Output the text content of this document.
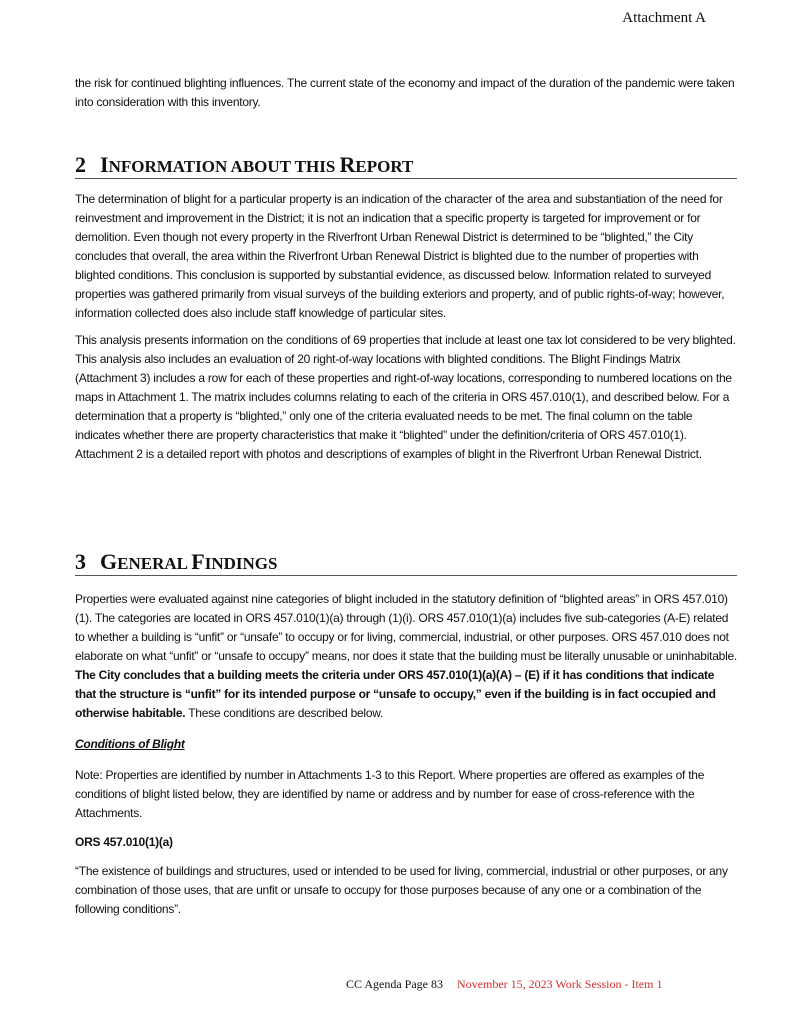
Attachment A

the risk for continued blighting influences. The current state of the economy and impact of the duration of the pandemic were taken into consideration with this inventory.

2 INFORMATION ABOUT THIS REPORT

The determination of blight for a particular property is an indication of the character of the area and substantiation of the need for reinvestment and improvement in the District; it is not an indication that a specific property is targeted for improvement or for demolition. Even though not every property in the Riverfront Urban Renewal District is determined to be “blighted,” the City concludes that overall, the area within the Riverfront Urban Renewal District is blighted due to the number of properties with blighted conditions. This conclusion is supported by substantial evidence, as discussed below. Information related to surveyed properties was gathered primarily from visual surveys of the building exteriors and property, and of public rights-of-way; however, information collected does also include staff knowledge of particular sites.

This analysis presents information on the conditions of 69 properties that include at least one tax lot considered to be very blighted. This analysis also includes an evaluation of 20 right-of-way locations with blighted conditions. The Blight Findings Matrix (Attachment 3) includes a row for each of these properties and right-of-way locations, corresponding to numbered locations on the maps in Attachment 1. The matrix includes columns relating to each of the criteria in ORS 457.010(1), and described below. For a determination that a property is “blighted,” only one of the criteria evaluated needs to be met. The final column on the table indicates whether there are property characteristics that make it “blighted” under the definition/criteria of ORS 457.010(1). Attachment 2 is a detailed report with photos and descriptions of examples of blight in the Riverfront Urban Renewal District.

3 GENERAL FINDINGS

Properties were evaluated against nine categories of blight included in the statutory definition of “blighted areas” in ORS 457.010)(1). The categories are located in ORS 457.010(1)(a) through (1)(i). ORS 457.010(1)(a) includes five sub-categories (A-E) related to whether a building is “unfit” or “unsafe” to occupy or for living, commercial, industrial, or other purposes. ORS 457.010 does not elaborate on what “unfit” or “unsafe to occupy” means, nor does it state that the building must be literally unusable or uninhabitable. The City concludes that a building meets the criteria under ORS 457.010(1)(a)(A) – (E) if it has conditions that indicate that the structure is “unfit” for its intended purpose or “unsafe to occupy,” even if the building is in fact occupied and otherwise habitable. These conditions are described below.

Conditions of Blight

Note: Properties are identified by number in Attachments 1-3 to this Report. Where properties are offered as examples of the conditions of blight listed below, they are identified by name or address and by number for ease of cross-reference with the Attachments.

ORS 457.010(1)(a)

“The existence of buildings and structures, used or intended to be used for living, commercial, industrial or other purposes, or any combination of those uses, that are unfit or unsafe to occupy for those purposes because of any one or a combination of the following conditions”.

CC Agenda Page 83 November 15, 2023 Work Session - Item 1
